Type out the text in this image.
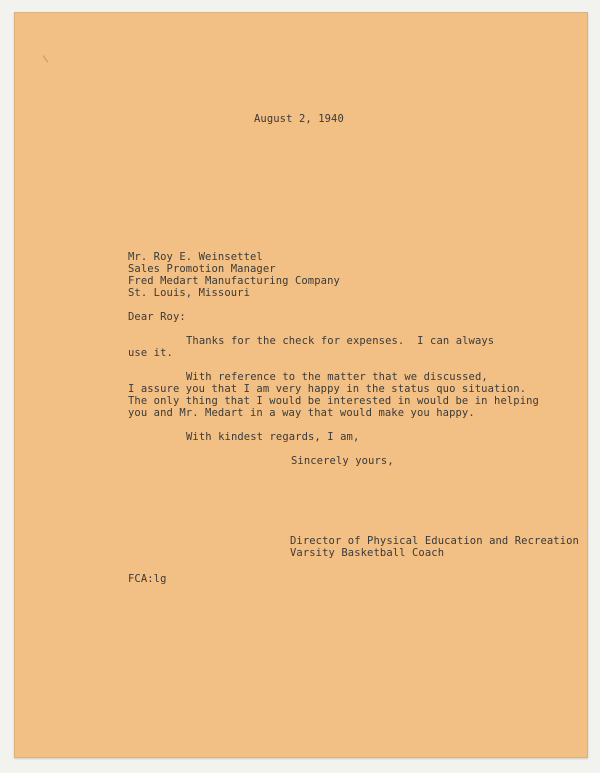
August 2, 1940
Mr. Roy E. Weinsettel
Sales Promotion Manager
Fred Medart Manufacturing Company
St. Louis, Missouri
Dear Roy:
Thanks for the check for expenses.  I can always
use it.
With reference to the matter that we discussed,
I assure you that I am very happy in the status quo situation.
The only thing that I would be interested in would be in helping
you and Mr. Medart in a way that would make you happy.
With kindest regards, I am,
Sincerely yours,
Director of Physical Education and Recreation
Varsity Basketball Coach
FCA:lg
